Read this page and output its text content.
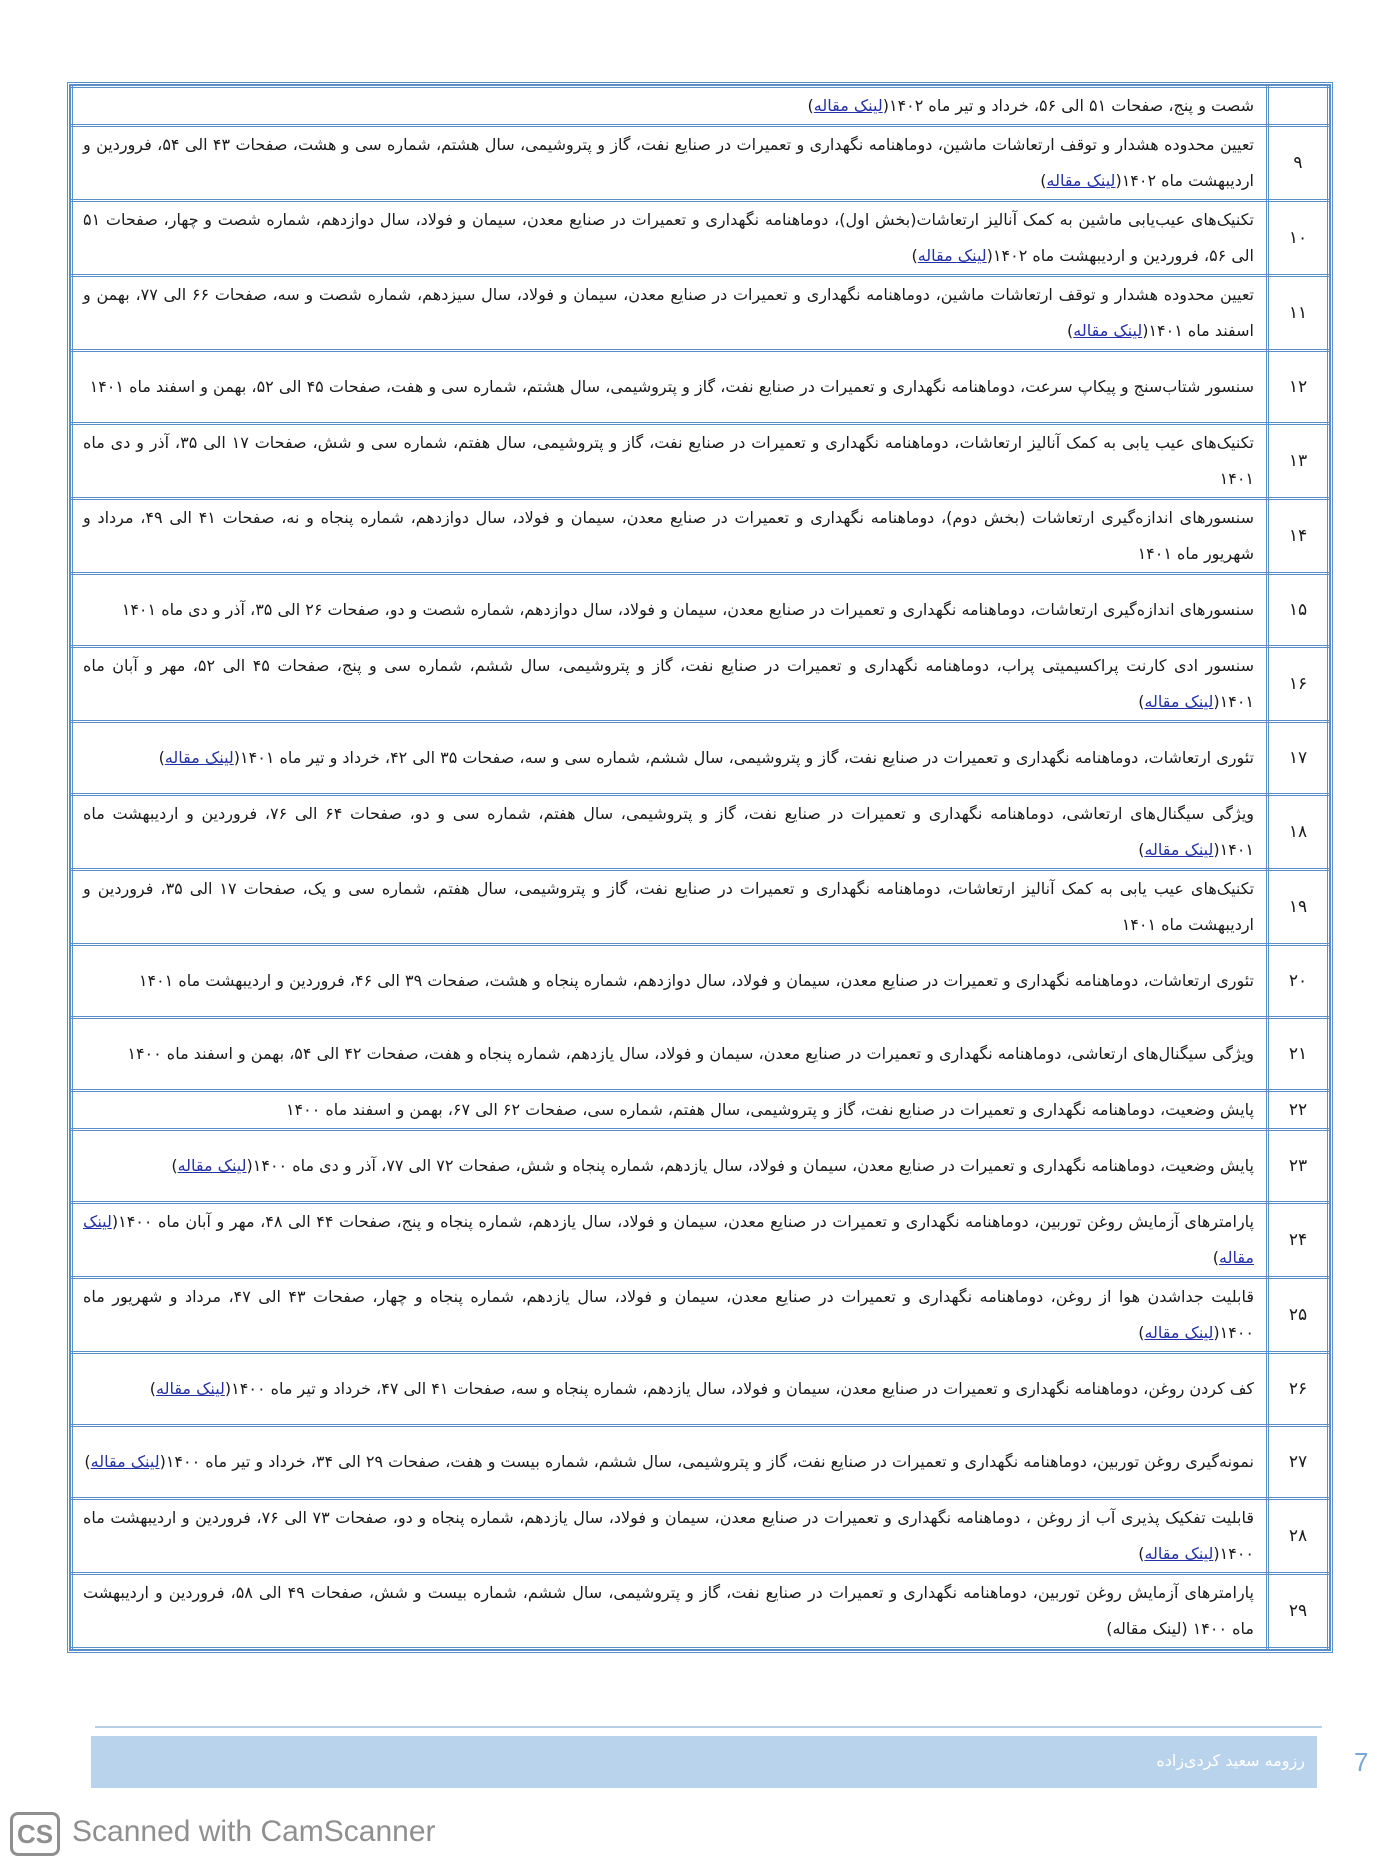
	شصت و پنج، صفحات ۵۱ الی ۵۶، خرداد و تیر ماه ۱۴۰۲(لینک مقاله)
۹	تعیین محدوده هشدار و توقف ارتعاشات ماشین، دوماهنامه نگهداری و تعمیرات در صنایع نفت، گاز و پتروشیمی، سال هشتم، شماره سی و هشت، صفحات ۴۳ الی ۵۴، فروردین و اردیبهشت ماه ۱۴۰۲(لینک مقاله)
۱۰	تکنیک‌های عیب‌یابی ماشین به کمک آنالیز ارتعاشات(بخش اول)، دوماهنامه نگهداری و تعمیرات در صنایع معدن، سیمان و فولاد، سال دوازدهم، شماره شصت و چهار، صفحات ۵۱ الی ۵۶، فروردین و اردیبهشت ماه ۱۴۰۲(لینک مقاله)
۱۱	تعیین محدوده هشدار و توقف ارتعاشات ماشین، دوماهنامه نگهداری و تعمیرات در صنایع معدن، سیمان و فولاد، سال سیزدهم، شماره شصت و سه، صفحات ۶۶ الی ۷۷، بهمن و اسفند ماه ۱۴۰۱(لینک مقاله)
۱۲	سنسور شتاب‌سنج و پیکاپ سرعت، دوماهنامه نگهداری و تعمیرات در صنایع نفت، گاز و پتروشیمی، سال هشتم، شماره سی و هفت، صفحات ۴۵ الی ۵۲، بهمن و اسفند ماه ۱۴۰۱
۱۳	تکنیک‌های عیب یابی به کمک آنالیز ارتعاشات، دوماهنامه نگهداری و تعمیرات در صنایع نفت، گاز و پتروشیمی، سال هفتم، شماره سی و شش، صفحات ۱۷ الی ۳۵، آذر و دی ماه ۱۴۰۱
۱۴	سنسورهای اندازه‌گیری ارتعاشات (بخش دوم)، دوماهنامه نگهداری و تعمیرات در صنایع معدن، سیمان و فولاد، سال دوازدهم، شماره پنجاه و نه، صفحات ۴۱ الی ۴۹، مرداد و شهریور ماه ۱۴۰۱
۱۵	سنسورهای اندازه‌گیری ارتعاشات، دوماهنامه نگهداری و تعمیرات در صنایع معدن، سیمان و فولاد، سال دوازدهم، شماره شصت و دو، صفحات ۲۶ الی ۳۵، آذر و دی ماه ۱۴۰۱
۱۶	سنسور ادی کارنت پراکسیمیتی پراب، دوماهنامه نگهداری و تعمیرات در صنایع نفت، گاز و پتروشیمی، سال ششم، شماره سی و پنج، صفحات ۴۵ الی ۵۲، مهر و آبان ماه ۱۴۰۱(لینک مقاله)
۱۷	تئوری ارتعاشات، دوماهنامه نگهداری و تعمیرات در صنایع نفت، گاز و پتروشیمی، سال ششم، شماره سی و سه، صفحات ۳۵ الی ۴۲، خرداد و تیر ماه ۱۴۰۱(لینک مقاله)
۱۸	ویژگی سیگنال‌های ارتعاشی، دوماهنامه نگهداری و تعمیرات در صنایع نفت، گاز و پتروشیمی، سال هفتم، شماره سی و دو، صفحات ۶۴ الی ۷۶، فروردین و اردیبهشت ماه ۱۴۰۱(لینک مقاله)
۱۹	تکنیک‌های عیب یابی به کمک آنالیز ارتعاشات، دوماهنامه نگهداری و تعمیرات در صنایع نفت، گاز و پتروشیمی، سال هفتم، شماره سی و یک، صفحات ۱۷ الی ۳۵، فروردین و اردیبهشت ماه ۱۴۰۱
۲۰	تئوری ارتعاشات، دوماهنامه نگهداری و تعمیرات در صنایع معدن، سیمان و فولاد، سال دوازدهم، شماره پنجاه و هشت، صفحات ۳۹ الی ۴۶، فروردین و اردیبهشت ماه ۱۴۰۱
۲۱	ویژگی سیگنال‌های ارتعاشی، دوماهنامه نگهداری و تعمیرات در صنایع معدن، سیمان و فولاد، سال یازدهم، شماره پنجاه و هفت، صفحات ۴۲ الی ۵۴، بهمن و اسفند ماه ۱۴۰۰
۲۲	پایش وضعیت، دوماهنامه نگهداری و تعمیرات در صنایع نفت، گاز و پتروشیمی، سال هفتم، شماره سی، صفحات ۶۲ الی ۶۷، بهمن و اسفند ماه ۱۴۰۰
۲۳	پایش وضعیت، دوماهنامه نگهداری و تعمیرات در صنایع معدن، سیمان و فولاد، سال یازدهم، شماره پنجاه و شش، صفحات ۷۲ الی ۷۷، آذر و دی ماه ۱۴۰۰(لینک مقاله)
۲۴	پارامترهای آزمایش روغن توربین، دوماهنامه نگهداری و تعمیرات در صنایع معدن، سیمان و فولاد، سال یازدهم، شماره پنجاه و پنج، صفحات ۴۴ الی ۴۸، مهر و آبان ماه ۱۴۰۰(لینک مقاله)
۲۵	قابلیت جداشدن هوا از روغن، دوماهنامه نگهداری و تعمیرات در صنایع معدن، سیمان و فولاد، سال یازدهم، شماره پنجاه و چهار، صفحات ۴۳ الی ۴۷، مرداد و شهریور ماه ۱۴۰۰(لینک مقاله)
۲۶	کف کردن روغن، دوماهنامه نگهداری و تعمیرات در صنایع معدن، سیمان و فولاد، سال یازدهم، شماره پنجاه و سه، صفحات ۴۱ الی ۴۷، خرداد و تیر ماه ۱۴۰۰(لینک مقاله)
۲۷	نمونه‌گیری روغن توربین، دوماهنامه نگهداری و تعمیرات در صنایع نفت، گاز و پتروشیمی، سال ششم، شماره بیست و هفت، صفحات ۲۹ الی ۳۴، خرداد و تیر ماه ۱۴۰۰(لینک مقاله)
۲۸	قابلیت تفکیک پذیری آب از روغن ، دوماهنامه نگهداری و تعمیرات در صنایع معدن، سیمان و فولاد، سال یازدهم، شماره پنجاه و دو، صفحات ۷۳ الی ۷۶، فروردین و اردیبهشت ماه ۱۴۰۰(لینک مقاله)
۲۹	پارامترهای آزمایش روغن توربین، دوماهنامه نگهداری و تعمیرات در صنایع نفت، گاز و پتروشیمی، سال ششم، شماره بیست و شش، صفحات ۴۹ الی ۵۸، فروردین و اردیبهشت ماه ۱۴۰۰ (لینک مقاله)
رزومه سعید کردی‌زاده 7
CS Scanned with CamScanner
